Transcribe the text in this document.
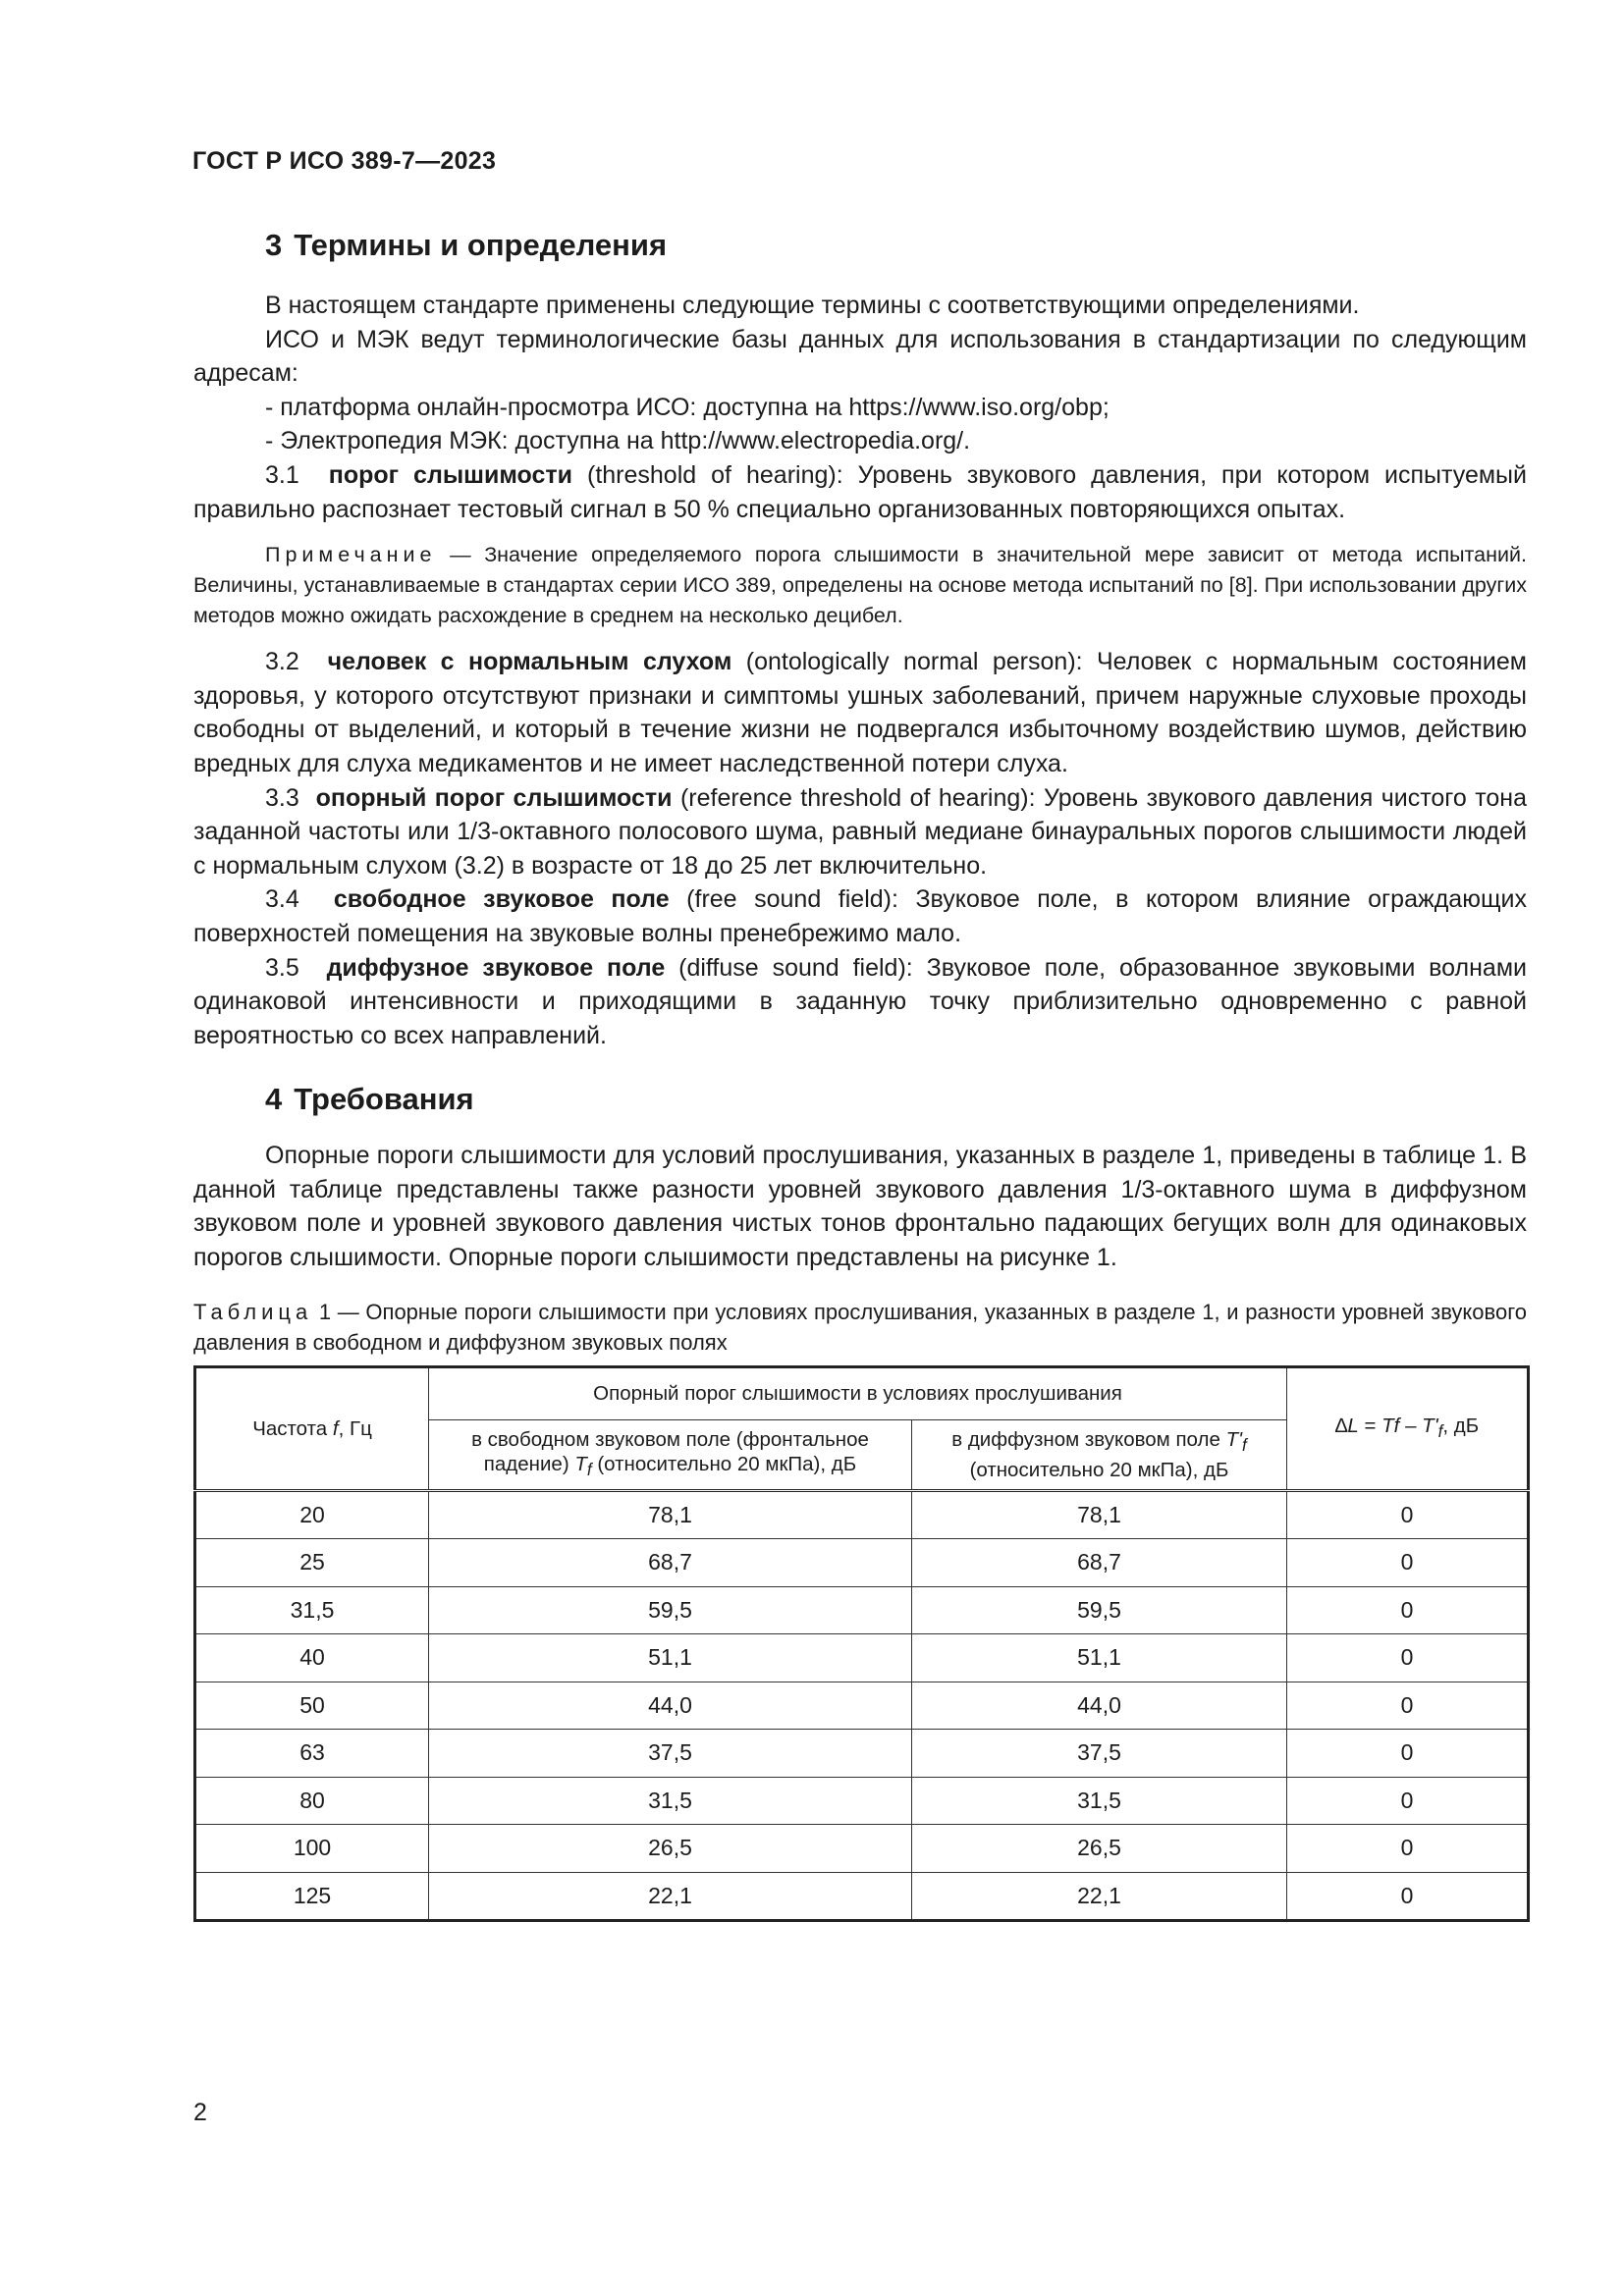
ГОСТ Р ИСО 389-7—2023
3 Термины и определения

В настоящем стандарте применены следующие термины с соответствующими определениями.

ИСО и МЭК ведут терминологические базы данных для использования в стандартизации по следующим адресам:

- платформа онлайн-просмотра ИСО: доступна на https://www.iso.org/obp;

- Электропедия МЭК: доступна на http://www.electropedia.org/.

3.1 порог слышимости (threshold of hearing): Уровень звукового давления, при котором испытуемый правильно распознает тестовый сигнал в 50 % специально организованных повторяющихся опытах.

Примечание — Значение определяемого порога слышимости в значительной мере зависит от метода испытаний. Величины, устанавливаемые в стандартах серии ИСО 389, определены на основе метода испытаний по [8]. При использовании других методов можно ожидать расхождение в среднем на несколько децибел.

3.2 человек с нормальным слухом (ontologically normal person): Человек с нормальным состоянием здоровья, у которого отсутствуют признаки и симптомы ушных заболеваний, причем наружные слуховые проходы свободны от выделений, и который в течение жизни не подвергался избыточному воздействию шумов, действию вредных для слуха медикаментов и не имеет наследственной потери слуха.

3.3 опорный порог слышимости (reference threshold of hearing): Уровень звукового давления чистого тона заданной частоты или 1/3-октавного полосового шума, равный медиане бинауральных порогов слышимости людей с нормальным слухом (3.2) в возрасте от 18 до 25 лет включительно.

3.4 свободное звуковое поле (free sound field): Звуковое поле, в котором влияние ограждающих поверхностей помещения на звуковые волны пренебрежимо мало.

3.5 диффузное звуковое поле (diffuse sound field): Звуковое поле, образованное звуковыми волнами одинаковой интенсивности и приходящими в заданную точку приблизительно одновременно с равной вероятностью со всех направлений.

4 Требования

Опорные пороги слышимости для условий прослушивания, указанных в разделе 1, приведены в таблице 1. В данной таблице представлены также разности уровней звукового давления 1/3-октавного шума в диффузном звуковом поле и уровней звукового давления чистых тонов фронтально падающих бегущих волн для одинаковых порогов слышимости. Опорные пороги слышимости представлены на рисунке 1.

Таблица 1 — Опорные пороги слышимости при условиях прослушивания, указанных в разделе 1, и разности уровней звукового давления в свободном и диффузном звуковых полях

Частота f, Гц	Опорный порог слышимости в условиях прослушивания		$\Delta L = Tf - T'_f$, дБ
	в свободном звуковом поле (фронтальное падение) $T_f$ (относительно 20 мкПа), дБ	в диффузном звуковом поле $T'_f$ (относительно 20 мкПа), дБ	
20	78,1	78,1	0
25	68,7	68,7	0
31,5	59,5	59,5	0
40	51,1	51,1	0
50	44,0	44,0	0
63	37,5	37,5	0
80	31,5	31,5	0
100	26,5	26,5	0
125	22,1	22,1	0
2
